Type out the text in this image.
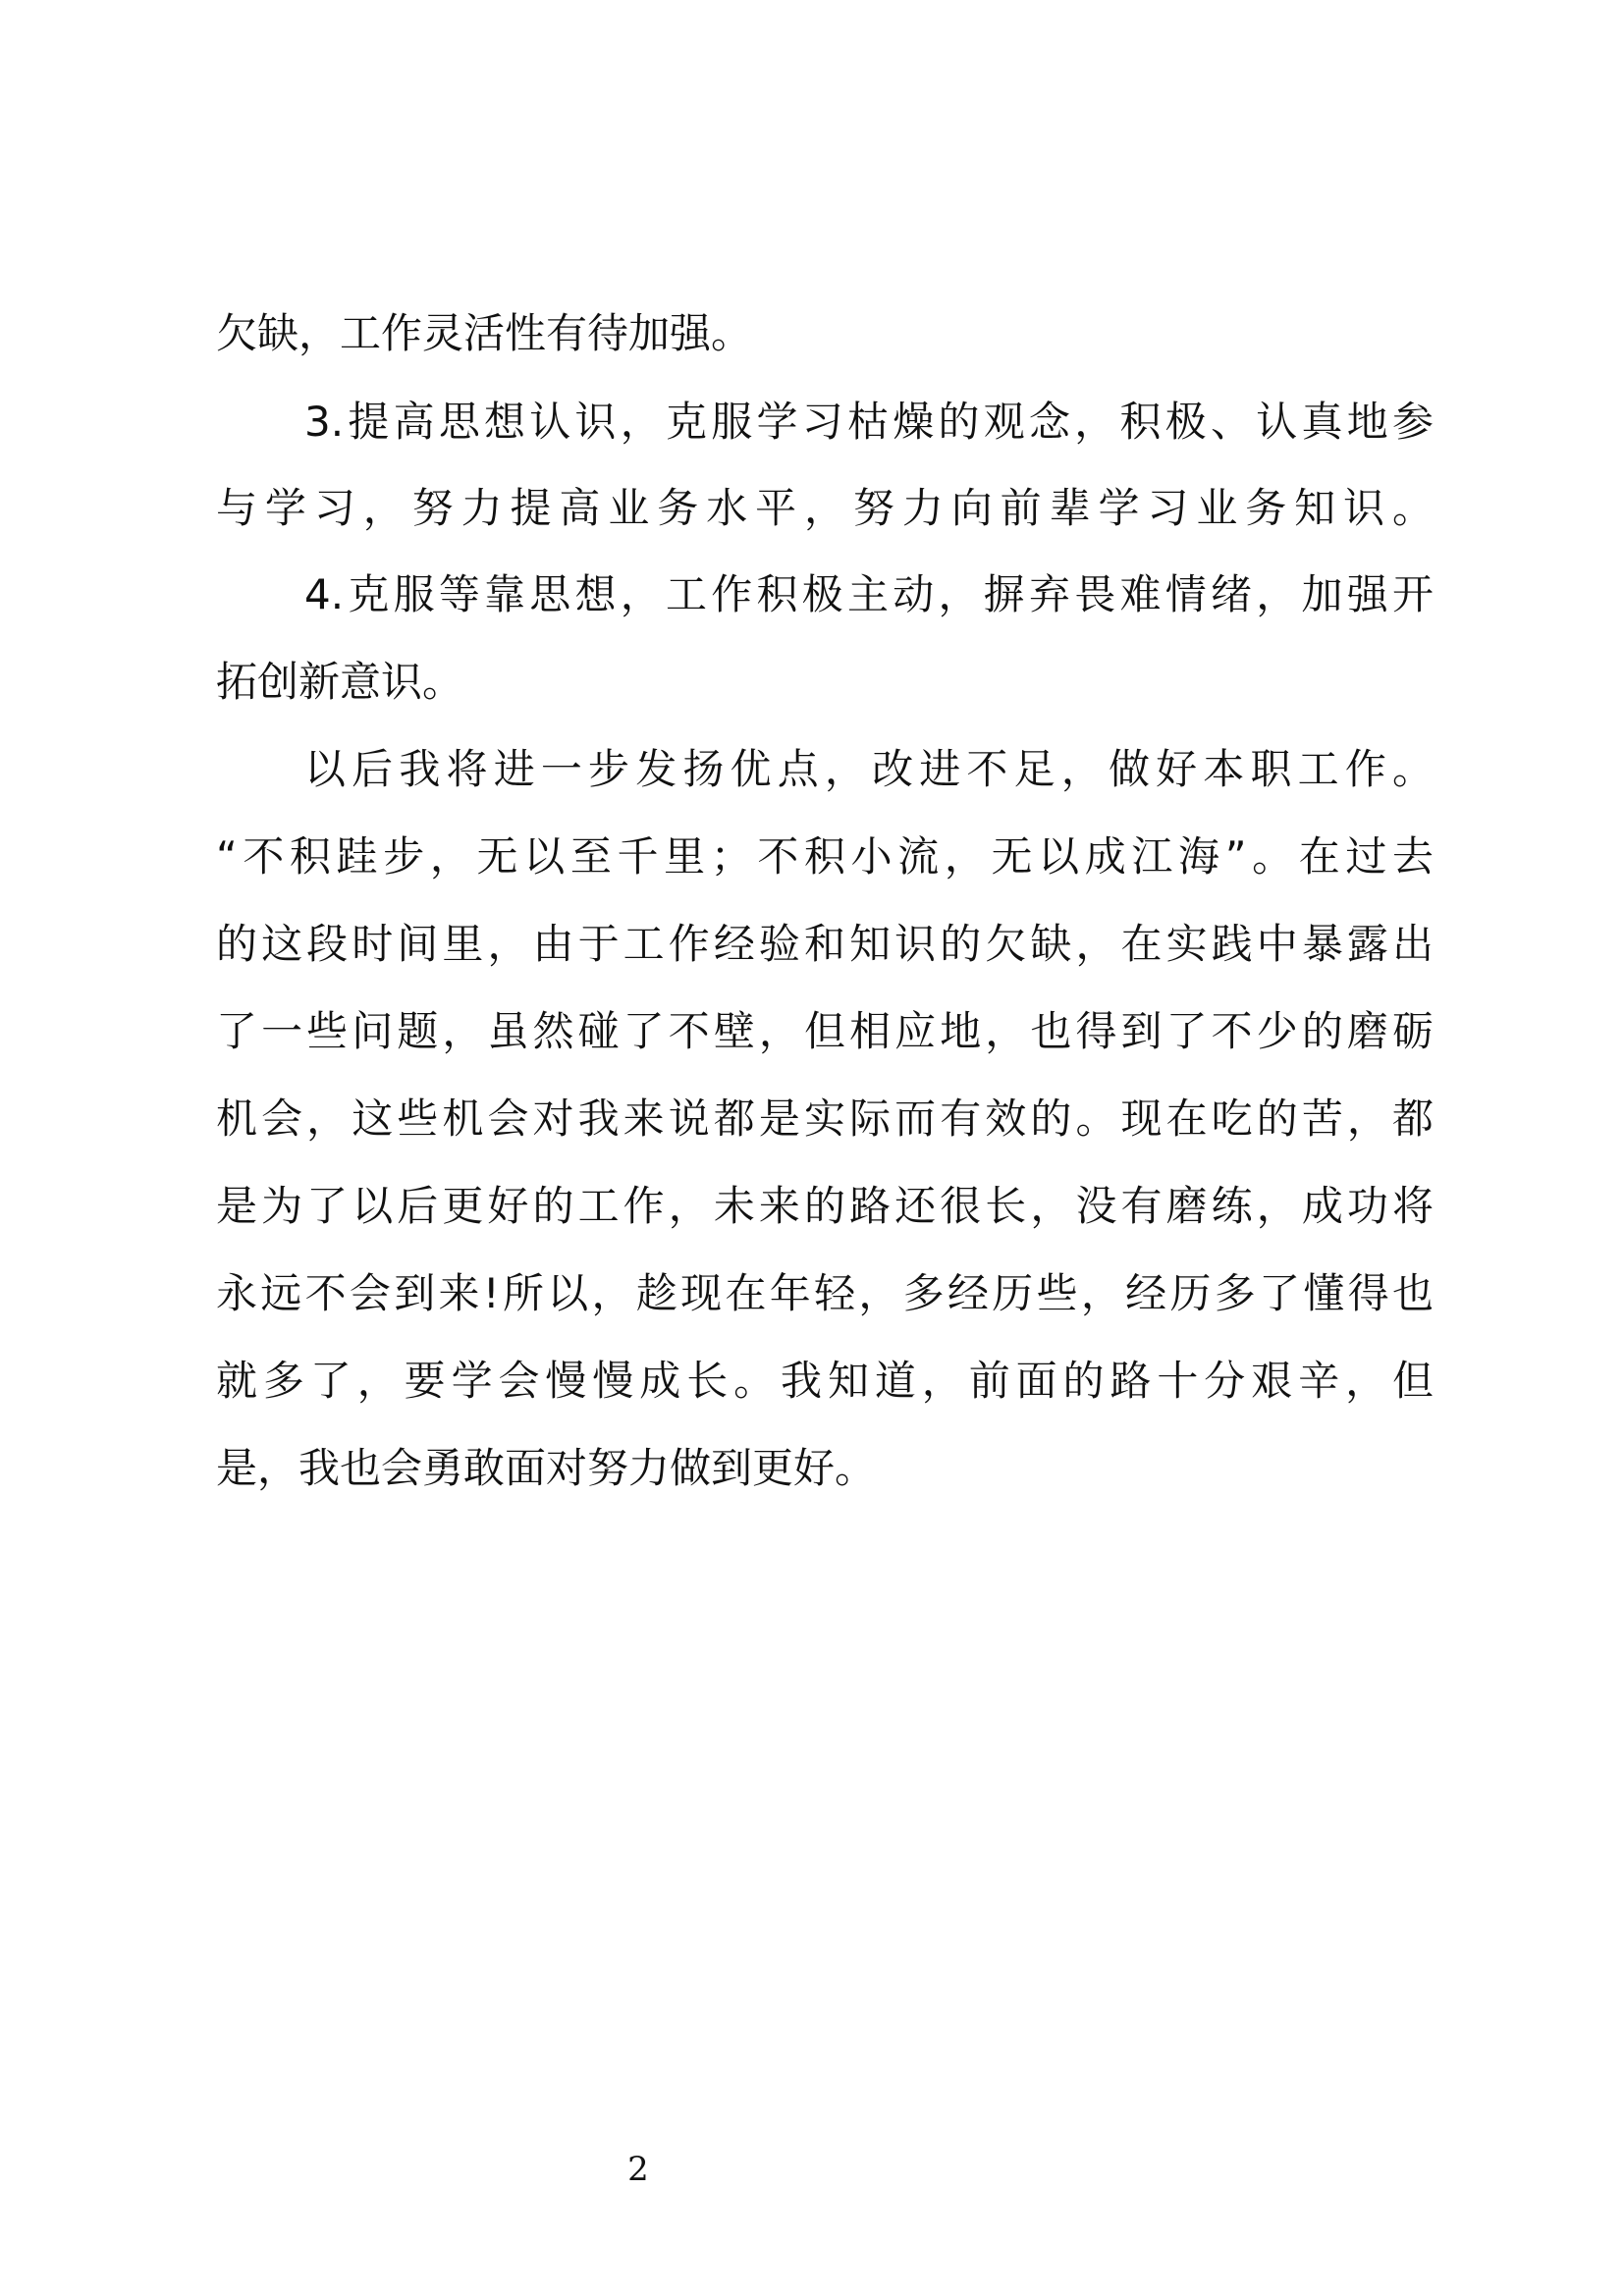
欠缺，工作灵活性有待加强。
3.提高思想认识，克服学习枯燥的观念，积极、认真地参
与学习，努力提高业务水平，努力向前辈学习业务知识。
4.克服等靠思想，工作积极主动，摒弃畏难情绪，加强开
拓创新意识。
以后我将进一步发扬优点，改进不足，做好本职工作。
“不积跬步，无以至千里；不积小流，无以成江海”。在过去
的这段时间里，由于工作经验和知识的欠缺，在实践中暴露出
了一些问题，虽然碰了不壁，但相应地，也得到了不少的磨砺
机会，这些机会对我来说都是实际而有效的。现在吃的苦，都
是为了以后更好的工作，未来的路还很长，没有磨练，成功将
永远不会到来!所以，趁现在年轻，多经历些，经历多了懂得也
就多了，要学会慢慢成长。我知道，前面的路十分艰辛，但
是，我也会勇敢面对努力做到更好。
2
